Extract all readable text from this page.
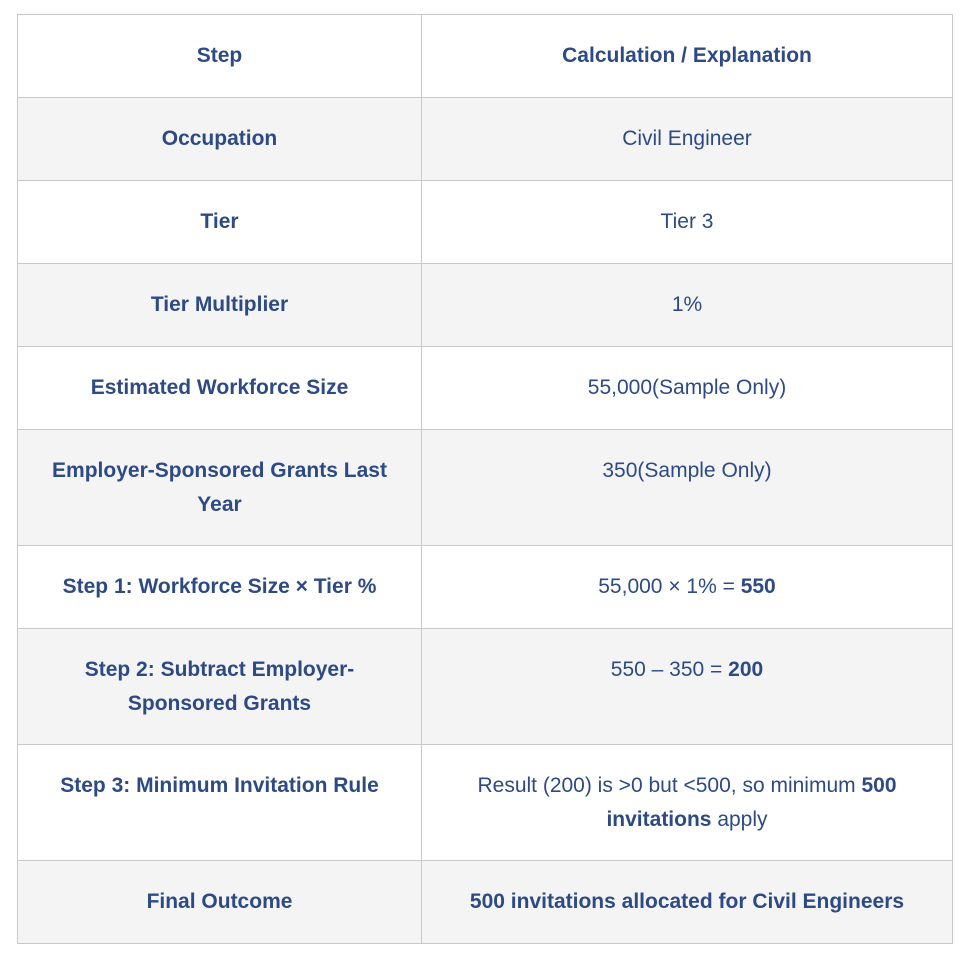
Step	Calculation / Explanation
Occupation	Civil Engineer
Tier	Tier 3
Tier Multiplier	1%
Estimated Workforce Size	55,000(Sample Only)
Employer-Sponsored Grants Last Year	350(Sample Only)
Step 1: Workforce Size × Tier %	55,000 × 1% = 550
Step 2: Subtract Employer-Sponsored Grants	550 – 350 = 200
Step 3: Minimum Invitation Rule	Result (200) is >0 but <500, so minimum 500 invitations apply
Final Outcome	500 invitations allocated for Civil Engineers
